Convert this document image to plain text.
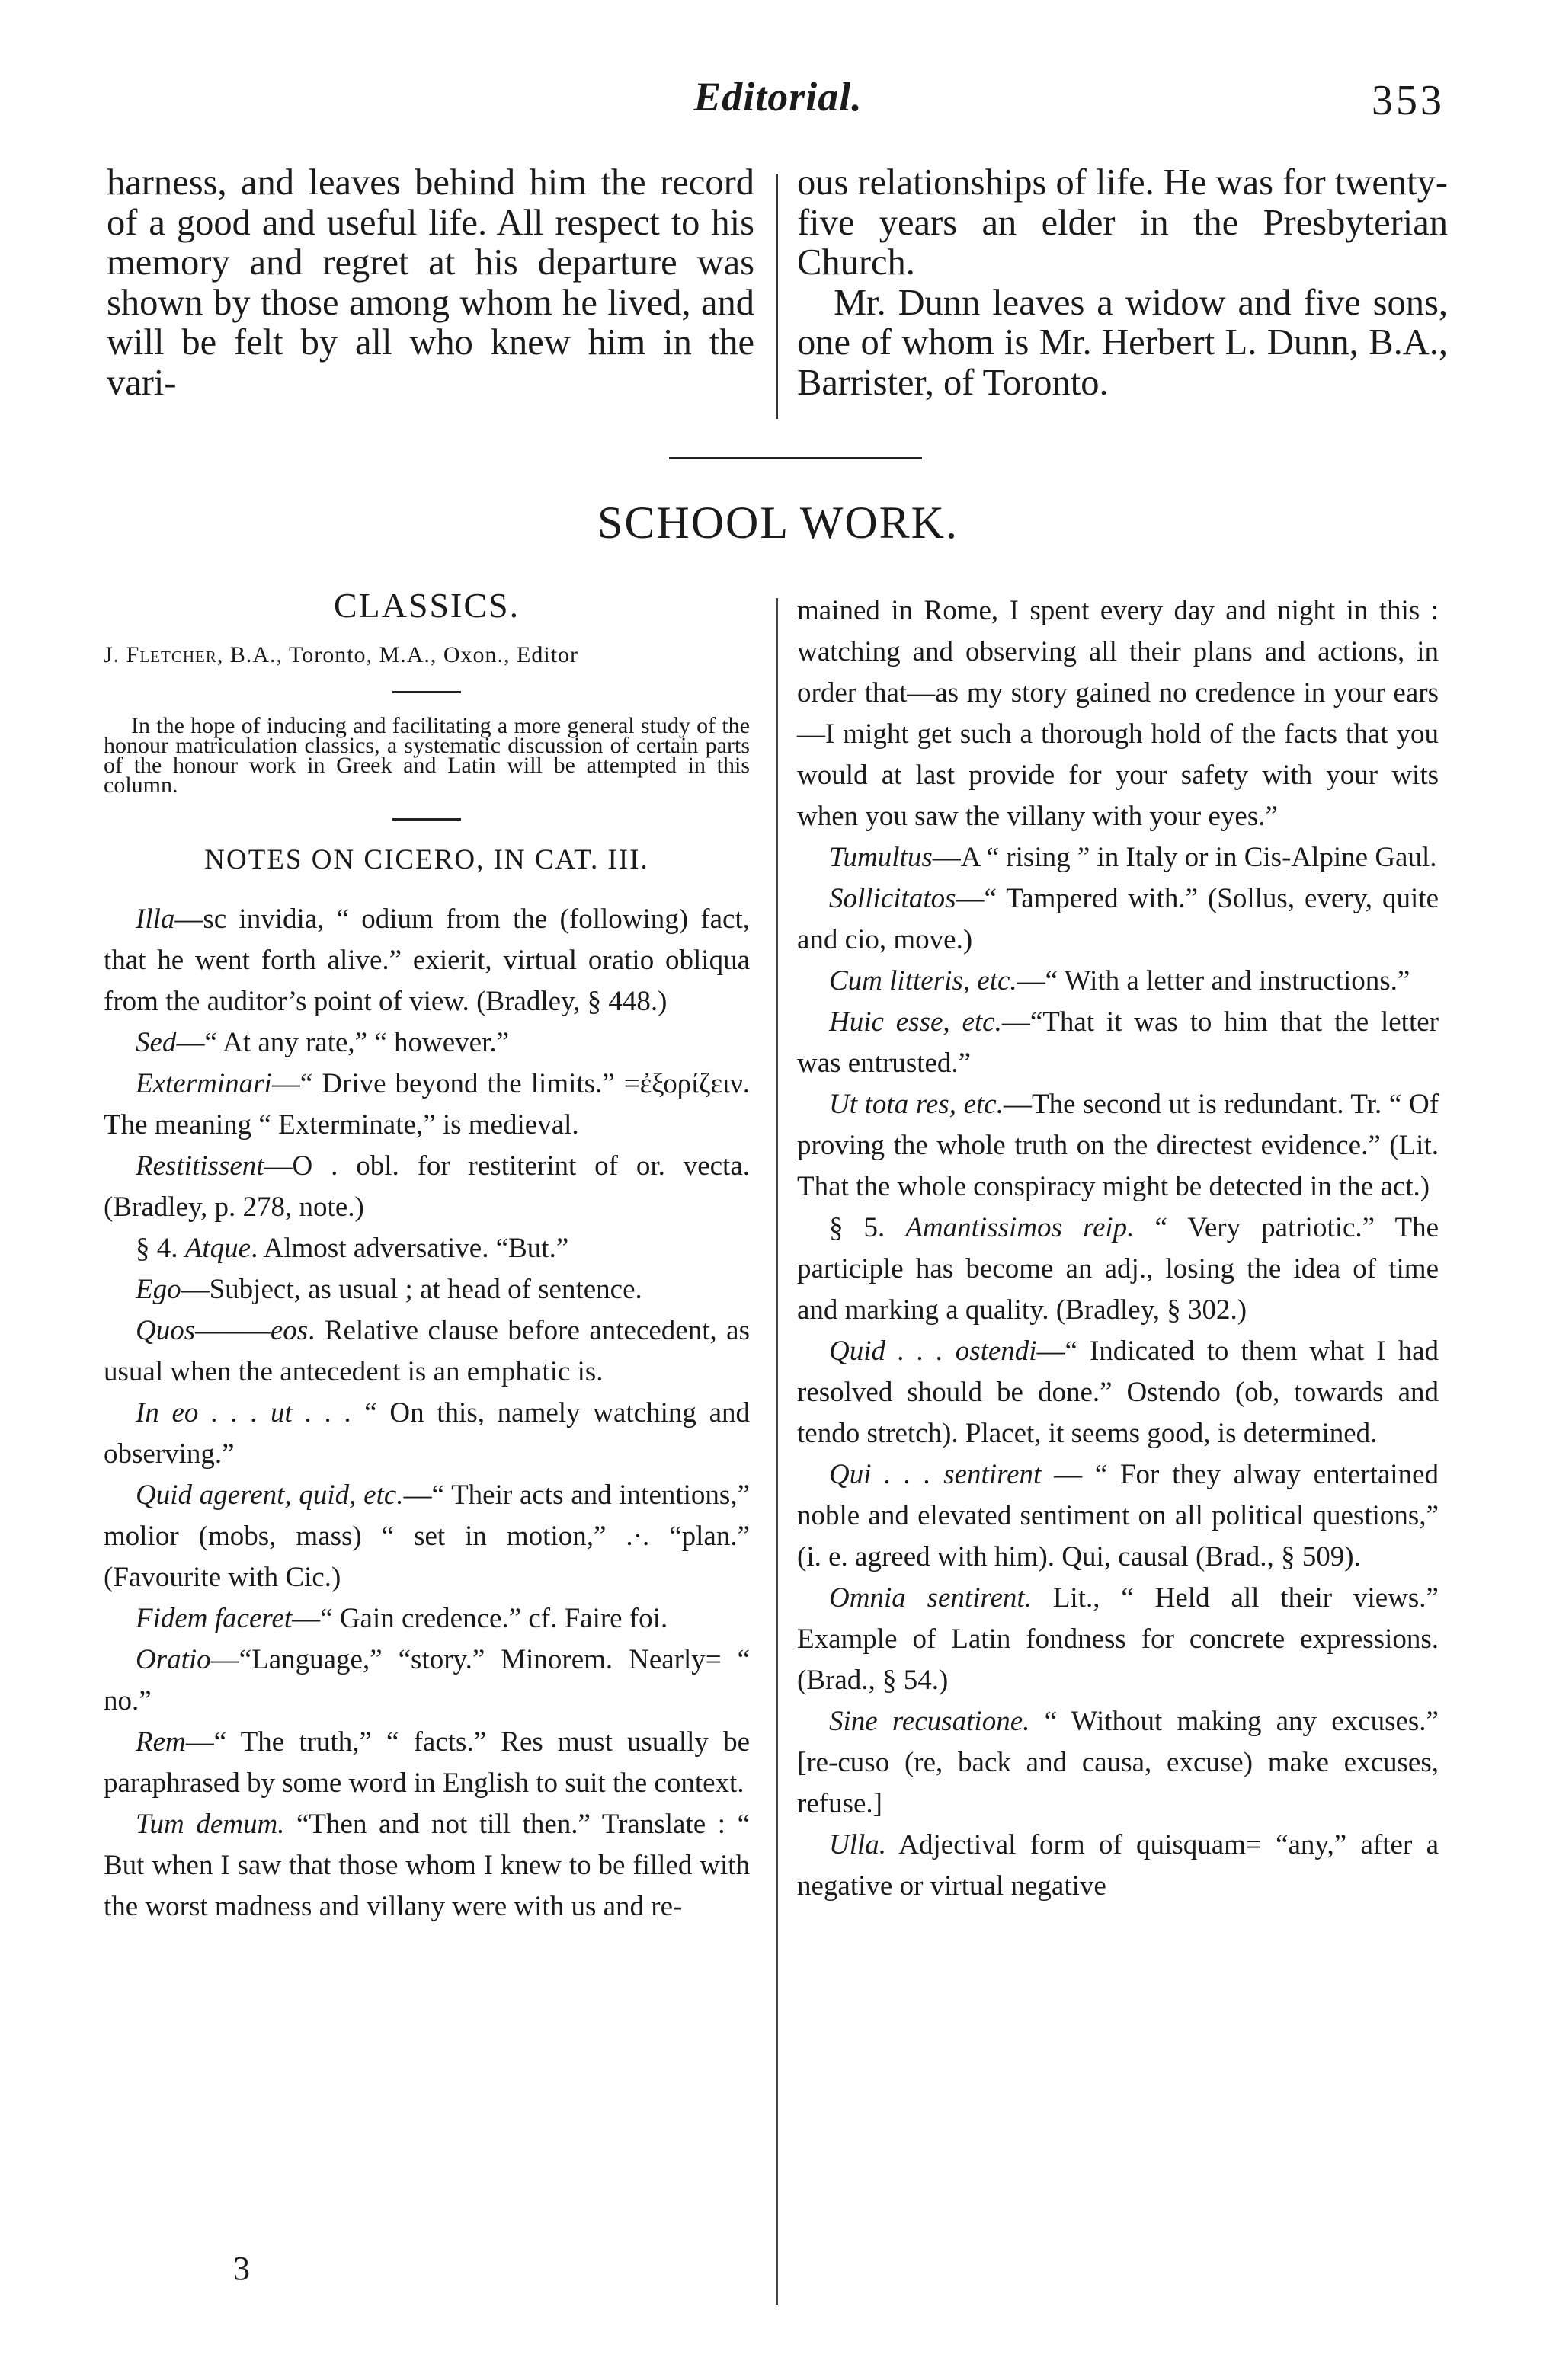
Editorial.	353

harness, and leaves behind him the record of a good and useful life. All respect to his memory and regret at his departure was shown by those among whom he lived, and will be felt by all who knew him in the vari-

ous relationships of life. He was for twenty-five years an elder in the Presbyterian Church.

Mr. Dunn leaves a widow and five sons, one of whom is Mr. Herbert L. Dunn, B.A., Barrister, of Toronto.

SCHOOL WORK.

CLASSICS.

J. Fletcher, B.A., Toronto, M.A., Oxon., Editor

In the hope of inducing and facilitating a more general study of the honour matriculation classics, a systematic discussion of certain parts of the honour work in Greek and Latin will be attempted in this column.

NOTES ON CICERO, IN CAT. III.

Illa—sc invidia, “ odium from the (following) fact, that he went forth alive.” exierit, virtual oratio obliqua from the auditor’s point of view. (Bradley, § 448.)

Sed—“ At any rate,” “ however.”

Exterminari—“ Drive beyond the limits.” =ἐξορίζειν. The meaning “ Exterminate,” is medieval.

Restitissent—O . obl. for restiterint of or. vecta. (Bradley, p. 278, note.)

§ 4. Atque. Almost adversative. “But.”

Ego—Subject, as usual ; at head of sentence.

Quos———eos. Relative clause before antecedent, as usual when the antecedent is an emphatic is.

In eo . . . ut . . . “ On this, namely watching and observing.”

Quid agerent, quid, etc.—“ Their acts and intentions,” molior (mobs, mass) “ set in motion,” .·. “plan.” (Favourite with Cic.)

Fidem faceret—“ Gain credence.” cf. Faire foi.

Oratio—“Language,” “story.” Minorem. Nearly= “ no.”

Rem—“ The truth,” “ facts.” Res must usually be paraphrased by some word in English to suit the context.

Tum demum. “Then and not till then.” Translate : “ But when I saw that those whom I knew to be filled with the worst madness and villany were with us and re-

mained in Rome, I spent every day and night in this : watching and observing all their plans and actions, in order that—as my story gained no credence in your ears—I might get such a thorough hold of the facts that you would at last provide for your safety with your wits when you saw the villany with your eyes.”

Tumultus—A “ rising ” in Italy or in Cis-Alpine Gaul.

Sollicitatos—“ Tampered with.” (Sollus, every, quite and cio, move.)

Cum litteris, etc.—“ With a letter and instructions.”

Huic esse, etc.—“That it was to him that the letter was entrusted.”

Ut tota res, etc.—The second ut is redundant. Tr. “ Of proving the whole truth on the directest evidence.” (Lit. That the whole conspiracy might be detected in the act.)

§ 5. Amantissimos reip. “ Very patriotic.” The participle has become an adj., losing the idea of time and marking a quality. (Bradley, § 302.)

Quid . . . ostendi—“ Indicated to them what I had resolved should be done.” Ostendo (ob, towards and tendo stretch). Placet, it seems good, is determined.

Qui . . . sentirent — “ For they alway entertained noble and elevated sentiment on all political questions,” (i. e. agreed with him). Qui, causal (Brad., § 509).

Omnia sentirent. Lit., “ Held all their views.” Example of Latin fondness for concrete expressions. (Brad., § 54.)

Sine recusatione. “ Without making any excuses.” [re-cuso (re, back and causa, excuse) make excuses, refuse.]

Ulla. Adjectival form of quisquam= “any,” after a negative or virtual negative

3
